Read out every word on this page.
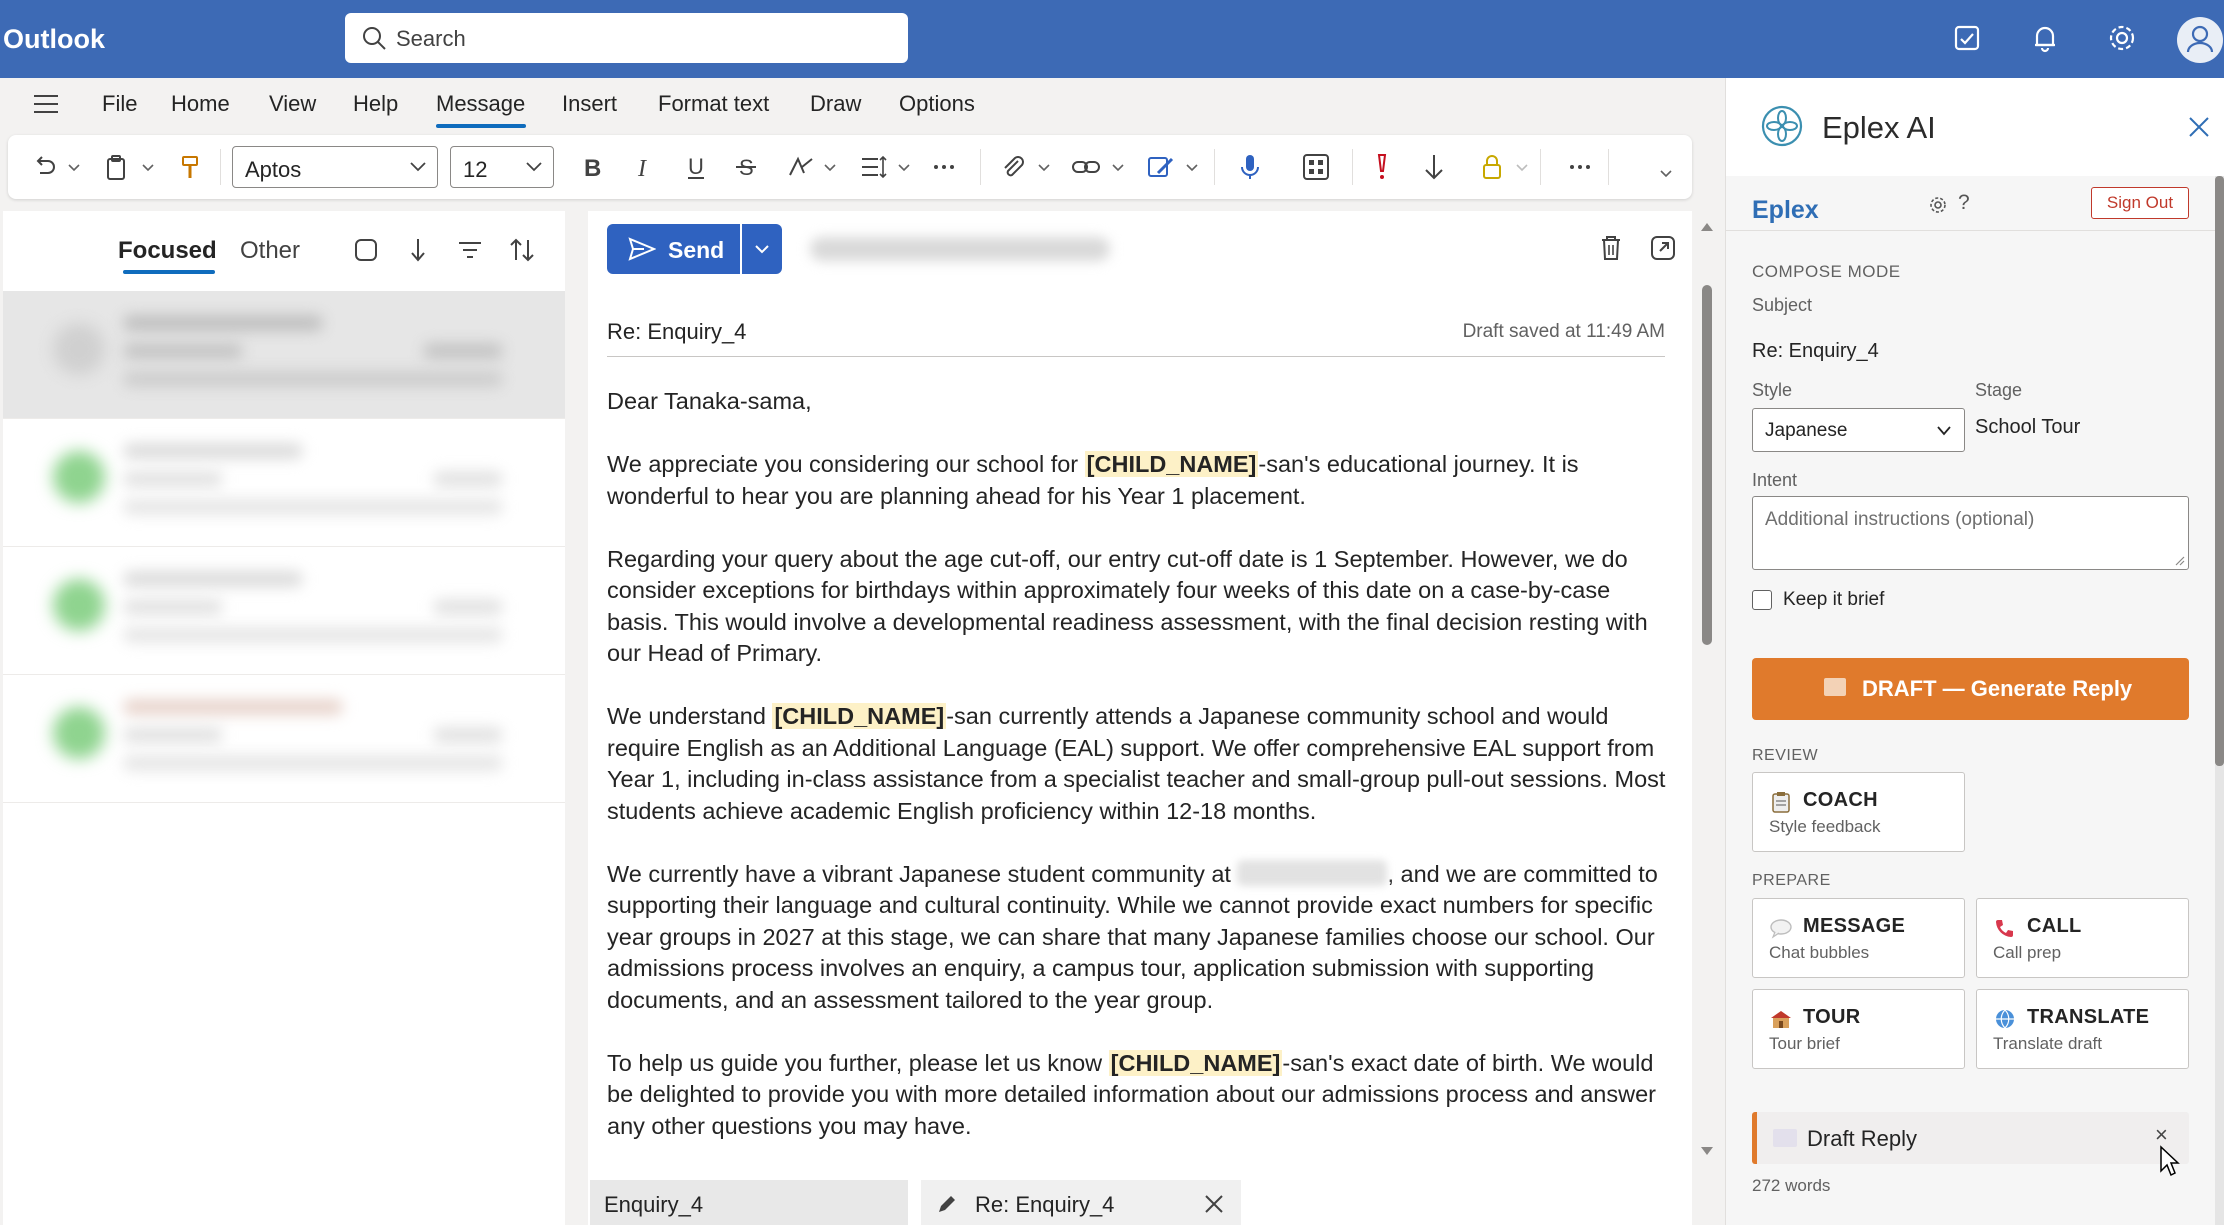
Outlook	Search
File Home View Help Message Insert Format text Draw Options
Aptos	12	B I U S
Focused Other	Send
Re: Enquiry_4	Draft saved at 11:49 AM

Dear Tanaka-sama,

We appreciate you considering our school for [CHILD_NAME]-san's educational journey. It is wonderful to hear you are planning ahead for his Year 1 placement.

Regarding your query about the age cut-off, our entry cut-off date is 1 September. However, we do consider exceptions for birthdays within approximately four weeks of this date on a case-by-case basis. This would involve a developmental readiness assessment, with the final decision resting with our Head of Primary.

We understand [CHILD_NAME]-san currently attends a Japanese community school and would require English as an Additional Language (EAL) support. We offer comprehensive EAL support from Year 1, including in-class assistance from a specialist teacher and small-group pull-out sessions. Most students achieve academic English proficiency within 12-18 months.

We currently have a vibrant Japanese student community at	, and we are committed to supporting their language and cultural continuity. While we cannot provide exact numbers for specific year groups in 2027 at this stage, we can share that many Japanese families choose our school. Our admissions process involves an enquiry, a campus tour, application submission with supporting documents, and an assessment tailored to the year group.

To help us guide you further, please let us know [CHILD_NAME]-san's exact date of birth. We would be delighted to provide you with more detailed information about our admissions process and answer any other questions you may have.

Enquiry_4	Re: Enquiry_4
Eplex AI
Eplex	?	Sign Out
COMPOSE MODE
Subject
Re: Enquiry_4
Style	Stage
Japanese	School Tour
Intent
Additional instructions (optional)
Keep it brief
DRAFT — Generate Reply
REVIEW
COACH
Style feedback
PREPARE
MESSAGE
Chat bubbles
CALL
Call prep
TOUR
Tour brief
TRANSLATE
Translate draft
Draft Reply	×
272 words
